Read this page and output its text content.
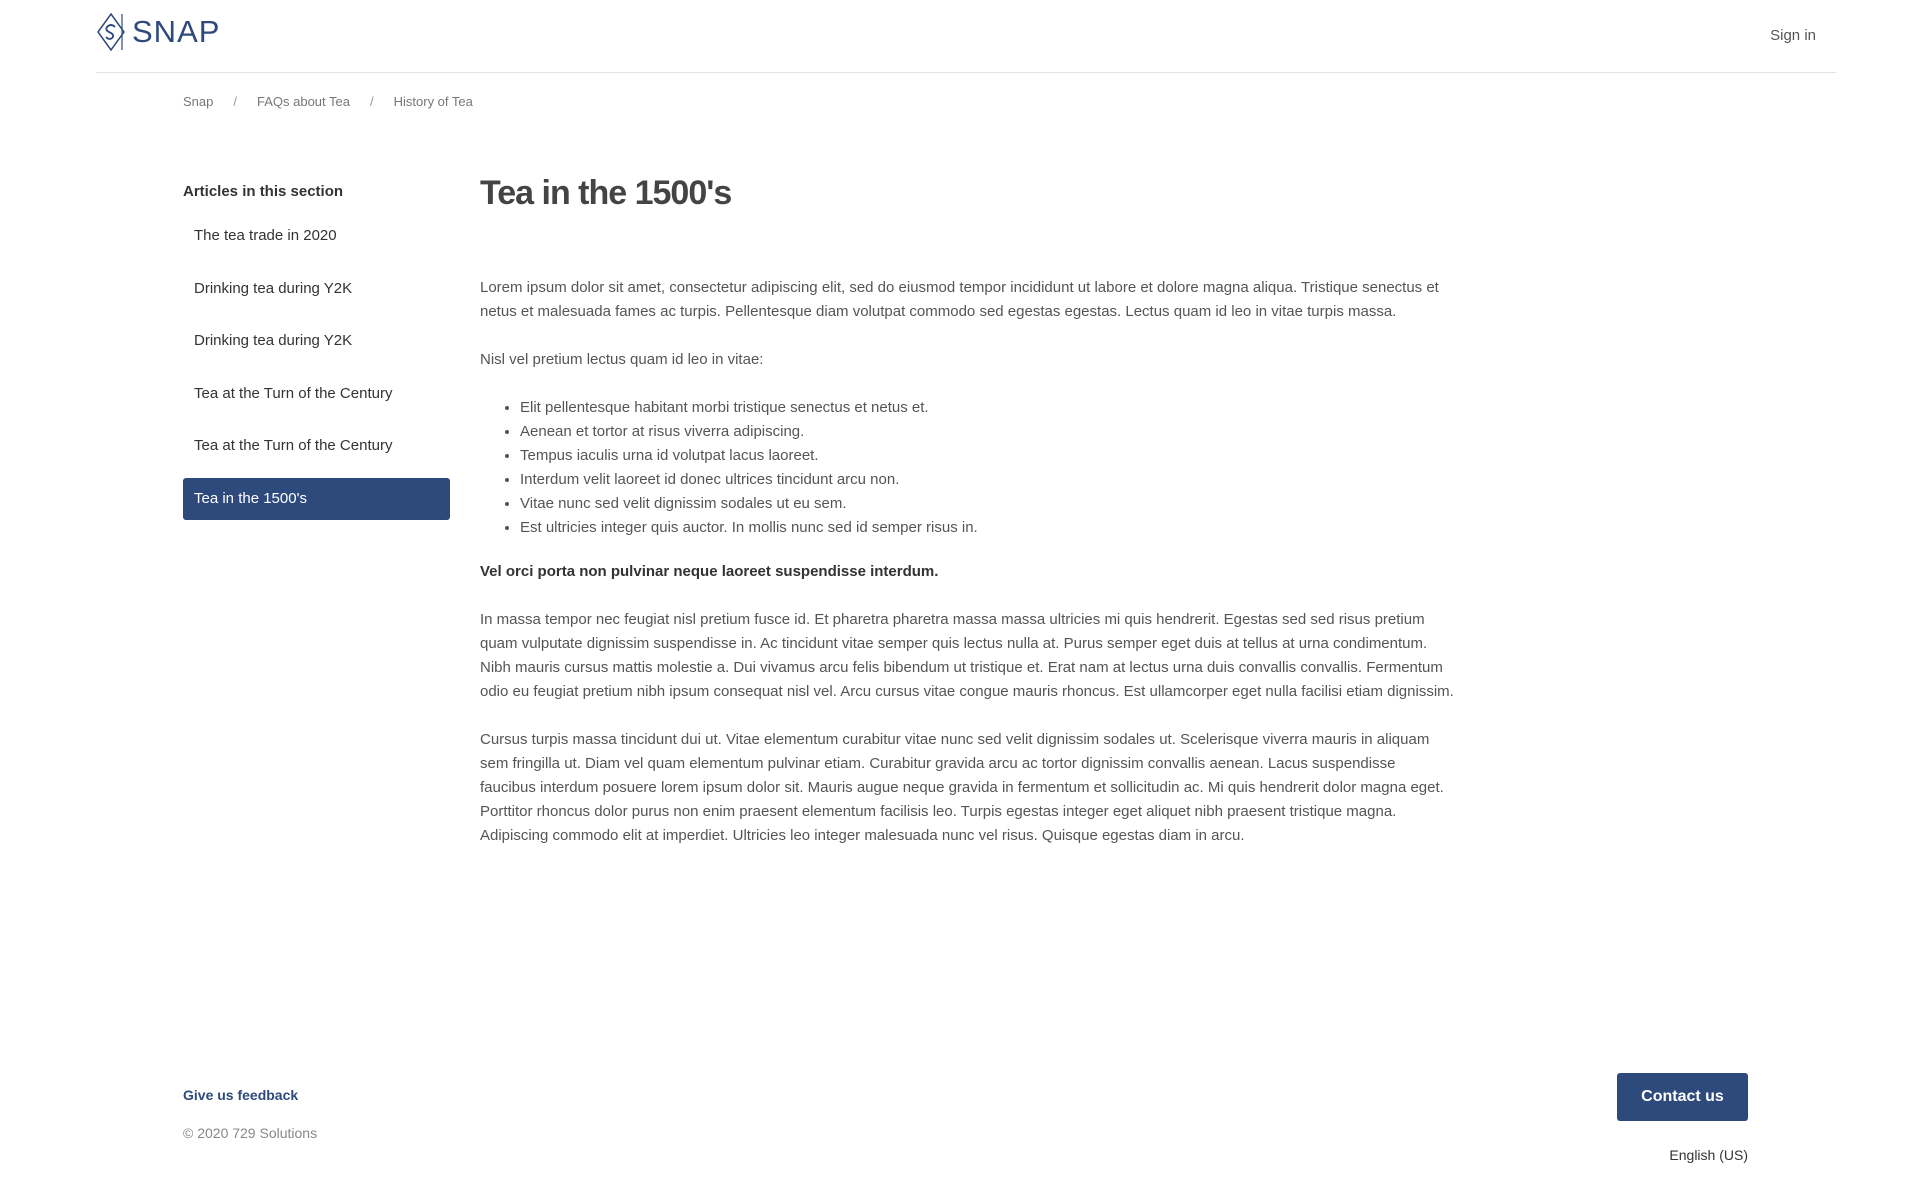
SNAP	Sign in
Snap / FAQs about Tea / History of Tea
Articles in this section
The tea trade in 2020
Drinking tea during Y2K
Drinking tea during Y2K
Tea at the Turn of the Century
Tea at the Turn of the Century
Tea in the 1500's
Tea in the 1500's

Lorem ipsum dolor sit amet, consectetur adipiscing elit, sed do eiusmod tempor incididunt ut labore et dolore magna aliqua. Tristique senectus et netus et malesuada fames ac turpis. Pellentesque diam volutpat commodo sed egestas egestas. Lectus quam id leo in vitae turpis massa.

Nisl vel pretium lectus quam id leo in vitae:

• Elit pellentesque habitant morbi tristique senectus et netus et.
• Aenean et tortor at risus viverra adipiscing.
• Tempus iaculis urna id volutpat lacus laoreet.
• Interdum velit laoreet id donec ultrices tincidunt arcu non.
• Vitae nunc sed velit dignissim sodales ut eu sem.
• Est ultricies integer quis auctor. In mollis nunc sed id semper risus in.

Vel orci porta non pulvinar neque laoreet suspendisse interdum.

In massa tempor nec feugiat nisl pretium fusce id. Et pharetra pharetra massa massa ultricies mi quis hendrerit. Egestas sed sed risus pretium quam vulputate dignissim suspendisse in. Ac tincidunt vitae semper quis lectus nulla at. Purus semper eget duis at tellus at urna condimentum. Nibh mauris cursus mattis molestie a. Dui vivamus arcu felis bibendum ut tristique et. Erat nam at lectus urna duis convallis convallis. Fermentum odio eu feugiat pretium nibh ipsum consequat nisl vel. Arcu cursus vitae congue mauris rhoncus. Est ullamcorper eget nulla facilisi etiam dignissim.

Cursus turpis massa tincidunt dui ut. Vitae elementum curabitur vitae nunc sed velit dignissim sodales ut. Scelerisque viverra mauris in aliquam sem fringilla ut. Diam vel quam elementum pulvinar etiam. Curabitur gravida arcu ac tortor dignissim convallis aenean. Lacus suspendisse faucibus interdum posuere lorem ipsum dolor sit. Mauris augue neque gravida in fermentum et sollicitudin ac. Mi quis hendrerit dolor magna eget. Porttitor rhoncus dolor purus non enim praesent elementum facilisis leo. Turpis egestas integer eget aliquet nibh praesent tristique magna. Adipiscing commodo elit at imperdiet. Ultricies leo integer malesuada nunc vel risus. Quisque egestas diam in arcu.

Give us feedback
© 2020 729 Solutions
Contact us
English (US)
